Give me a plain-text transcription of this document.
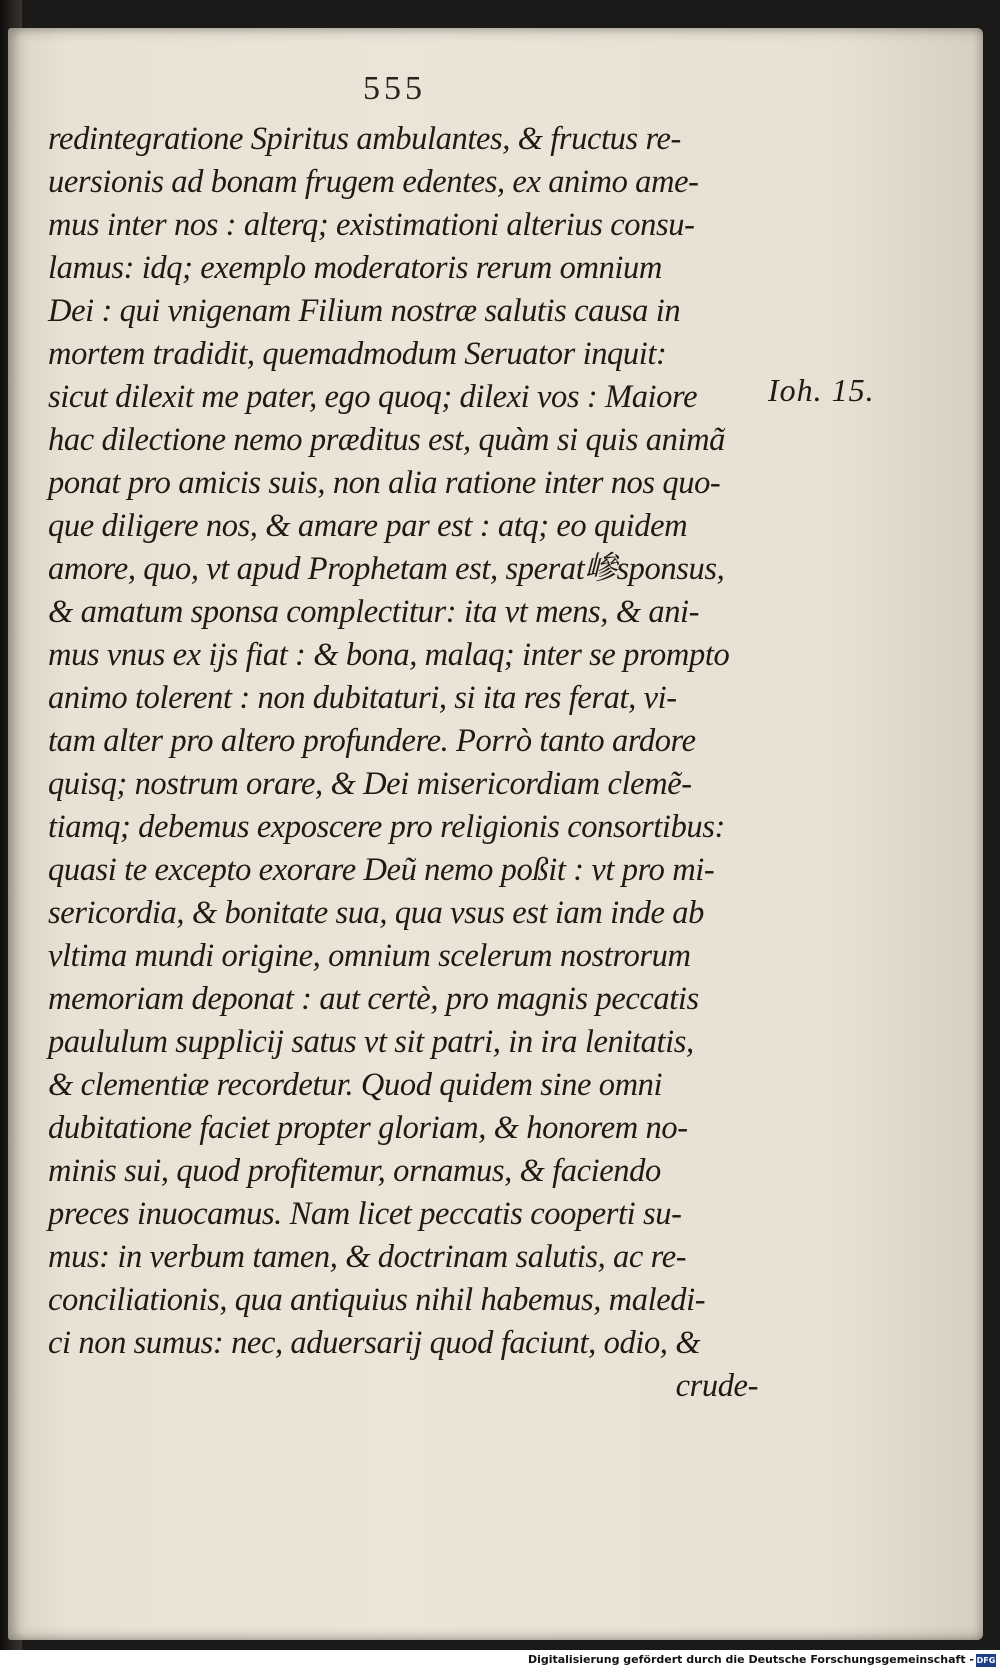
555
redintegratione Spiritus ambulantes, & fructus re-
uersionis ad bonam frugem edentes, ex animo ame-
mus inter nos : alterq; existimationi alterius consu-
lamus: idq; exemplo moderatoris rerum omnium
Dei : qui vnigenam Filium nostræ salutis causa in
mortem tradidit, quemadmodum Seruator inquit:
sicut dilexit me pater, ego quoq; dilexi vos : Maiore
hac dilectione nemo præditus est, quàm si quis animã
ponat pro amicis suis, non alia ratione inter nos quo-
que diligere nos, & amare par est : atq; eo quidem
amore, quo, vt apud Prophetam est, sperat㠁sponsus,
& amatum sponsa complectitur: ita vt mens, & ani-
mus vnus ex ijs fiat : & bona, malaq; inter se prompto
animo tolerent : non dubitaturi, si ita res ferat, vi-
tam alter pro altero profundere. Porrò tanto ardore
quisq; nostrum orare, & Dei misericordiam clemẽ-
tiamq; debemus exposcere pro religionis consortibus:
quasi te excepto exorare Deũ nemo poßit : vt pro mi-
sericordia, & bonitate sua, qua vsus est iam inde ab
vltima mundi origine, omnium scelerum nostrorum
memoriam deponat : aut certè, pro magnis peccatis
paululum supplicij satus vt sit patri, in ira lenitatis,
& clementiæ recordetur. Quod quidem sine omni
dubitatione faciet propter gloriam, & honorem no-
minis sui, quod profitemur, ornamus, & faciendo
preces inuocamus. Nam licet peccatis cooperti su-
mus: in verbum tamen, & doctrinam salutis, ac re-
conciliationis, qua antiquius nihil habemus, maledi-
ci non sumus: nec, aduersarij quod faciunt, odio, &
crude-
Ioh. 15.
Digitalisierung gefördert durch die Deutsche Forschungsgemeinschaft - DFG
